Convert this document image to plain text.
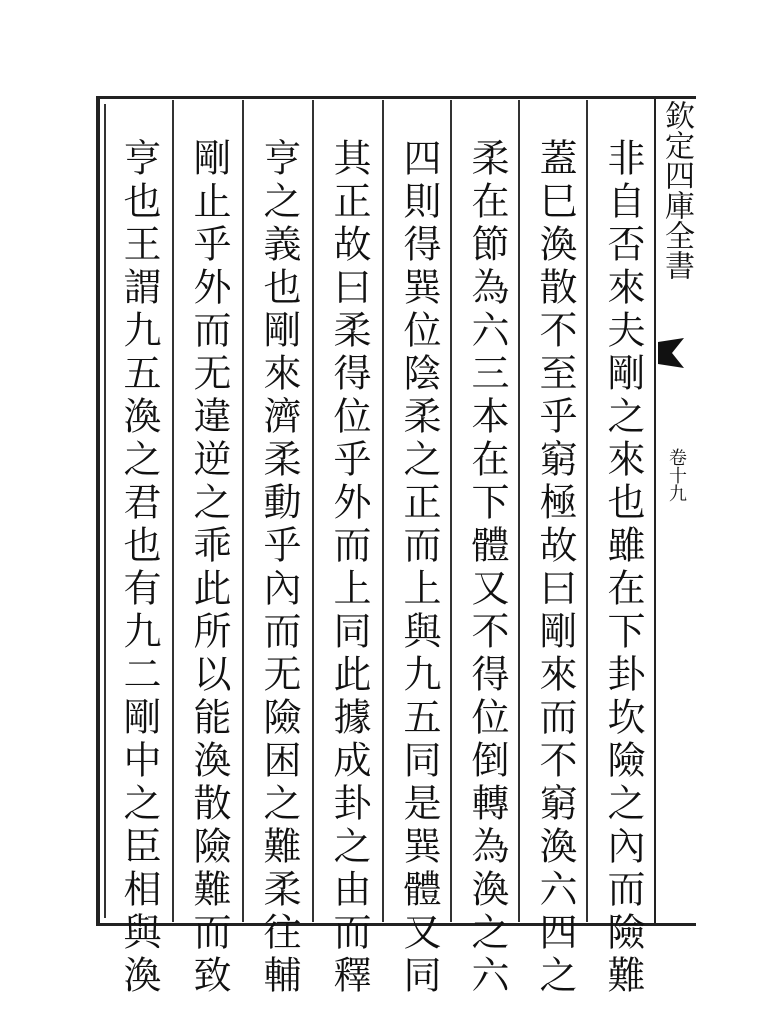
非自否來夫剛之來也雖在下卦坎險之內而險難
蓋巳渙散不至乎窮極故曰剛來而不窮渙六四之
柔在節為六三本在下體又不得位倒轉為渙之六
四則得巽位陰柔之正而上與九五同是巽體又同
其正故曰柔得位乎外而上同此據成卦之由而釋
亨之義也剛來濟柔動乎內而无險困之難柔往輔
剛止乎外而无違逆之乖此所以能渙散險難而致
亨也王謂九五渙之君也有九二剛中之臣相與渙	欽定四庫全書
卷十九
